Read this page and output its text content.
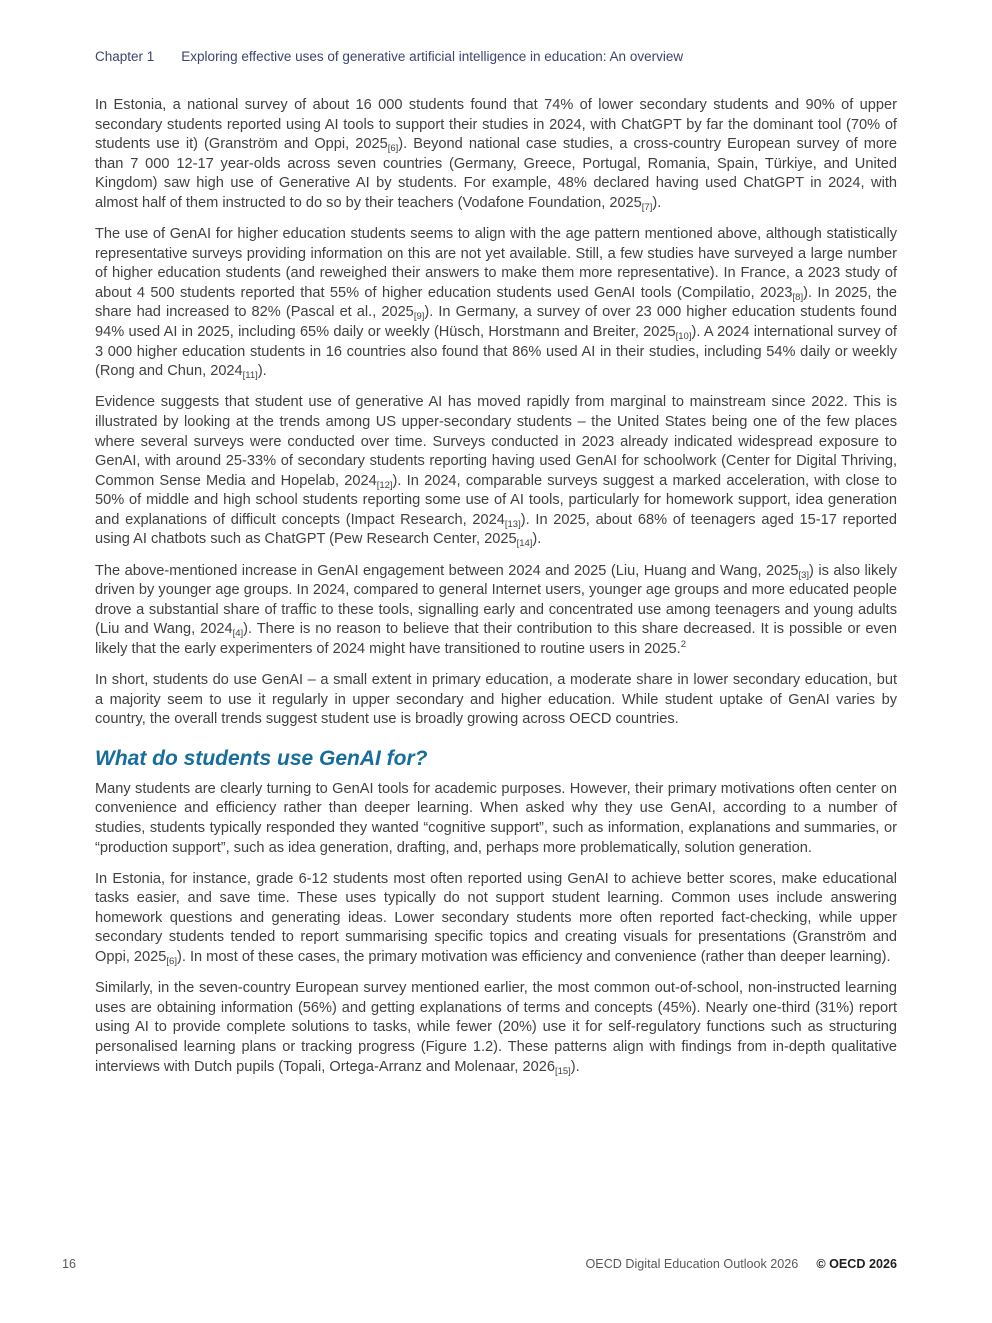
Chapter 1 Exploring effective uses of generative artificial intelligence in education: An overview

In Estonia, a national survey of about 16 000 students found that 74% of lower secondary students and 90% of upper secondary students reported using AI tools to support their studies in 2024, with ChatGPT by far the dominant tool (70% of students use it) (Granström and Oppi, $2025_{[6]}$). Beyond national case studies, a cross-country European survey of more than 7 000 12-17 year-olds across seven countries (Germany, Greece, Portugal, Romania, Spain, Türkiye, and United Kingdom) saw high use of Generative AI by students. For example, 48% declared having used ChatGPT in 2024, with almost half of them instructed to do so by their teachers (Vodafone Foundation, $2025_{[7]}$).

The use of GenAI for higher education students seems to align with the age pattern mentioned above, although statistically representative surveys providing information on this are not yet available. Still, a few studies have surveyed a large number of higher education students (and reweighed their answers to make them more representative). In France, a 2023 study of about 4 500 students reported that 55% of higher education students used GenAI tools (Compilatio, $2023_{[8]}$). In 2025, the share had increased to 82% (Pascal et al., $2025_{[9]}$). In Germany, a survey of over 23 000 higher education students found 94% used AI in 2025, including 65% daily or weekly (Hüsch, Horstmann and Breiter, $2025_{[10]}$). A 2024 international survey of 3 000 higher education students in 16 countries also found that 86% used AI in their studies, including 54% daily or weekly (Rong and Chun, $2024_{[11]}$).

Evidence suggests that student use of generative AI has moved rapidly from marginal to mainstream since 2022. This is illustrated by looking at the trends among US upper-secondary students – the United States being one of the few places where several surveys were conducted over time. Surveys conducted in 2023 already indicated widespread exposure to GenAI, with around 25-33% of secondary students reporting having used GenAI for schoolwork (Center for Digital Thriving, Common Sense Media and Hopelab, $2024_{[12]}$). In 2024, comparable surveys suggest a marked acceleration, with close to 50% of middle and high school students reporting some use of AI tools, particularly for homework support, idea generation and explanations of difficult concepts (Impact Research, $2024_{[13]}$). In 2025, about 68% of teenagers aged 15-17 reported using AI chatbots such as ChatGPT (Pew Research Center, $2025_{[14]}$).

The above-mentioned increase in GenAI engagement between 2024 and 2025 (Liu, Huang and Wang, $2025_{[3]}$) is also likely driven by younger age groups. In 2024, compared to general Internet users, younger age groups and more educated people drove a substantial share of traffic to these tools, signalling early and concentrated use among teenagers and young adults (Liu and Wang, $2024_{[4]}$). There is no reason to believe that their contribution to this share decreased. It is possible or even likely that the early experimenters of 2024 might have transitioned to routine users in 2025.$^2$

In short, students do use GenAI – a small extent in primary education, a moderate share in lower secondary education, but a majority seem to use it regularly in upper secondary and higher education. While student uptake of GenAI varies by country, the overall trends suggest student use is broadly growing across OECD countries.

What do students use GenAI for?

Many students are clearly turning to GenAI tools for academic purposes. However, their primary motivations often center on convenience and efficiency rather than deeper learning. When asked why they use GenAI, according to a number of studies, students typically responded they wanted “cognitive support”, such as information, explanations and summaries, or “production support”, such as idea generation, drafting, and, perhaps more problematically, solution generation.

In Estonia, for instance, grade 6-12 students most often reported using GenAI to achieve better scores, make educational tasks easier, and save time. These uses typically do not support student learning. Common uses include answering homework questions and generating ideas. Lower secondary students more often reported fact-checking, while upper secondary students tended to report summarising specific topics and creating visuals for presentations (Granström and Oppi, $2025_{[6]}$). In most of these cases, the primary motivation was efficiency and convenience (rather than deeper learning).

Similarly, in the seven-country European survey mentioned earlier, the most common out-of-school, non-instructed learning uses are obtaining information (56%) and getting explanations of terms and concepts (45%). Nearly one-third (31%) report using AI to provide complete solutions to tasks, while fewer (20%) use it for self-regulatory functions such as structuring personalised learning plans or tracking progress (Figure 1.2). These patterns align with findings from in-depth qualitative interviews with Dutch pupils (Topali, Ortega-Arranz and Molenaar, $2026_{[15]}$).

16	OECD Digital Education Outlook 2026 © OECD 2026
